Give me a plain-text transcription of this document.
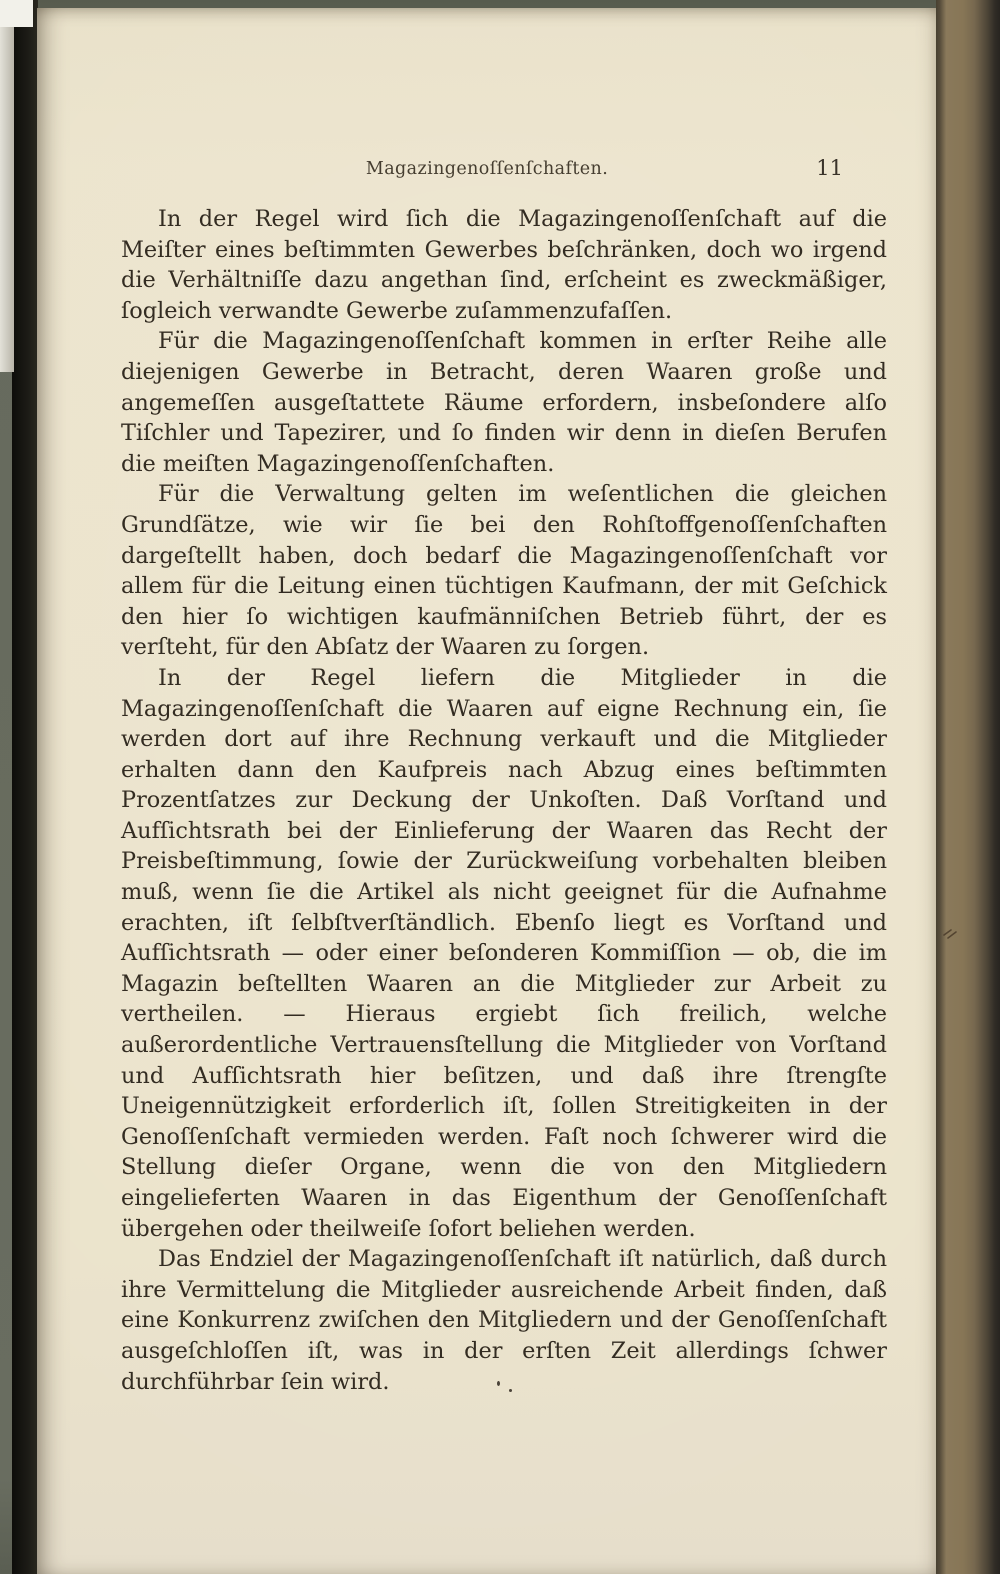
Magazingenoſſenſchaften.	11

In der Regel wird ſich die Magazingenoſſenſchaft auf die Meiſter eines beſtimmten Gewerbes beſchränken, doch wo irgend die Verhältniſſe dazu angethan ſind, erſcheint es zweckmäßiger, ſogleich verwandte Gewerbe zuſammenzufaſſen.

Für die Magazingenoſſenſchaft kommen in erſter Reihe alle diejenigen Gewerbe in Betracht, deren Waaren große und angemeſſen ausgeſtattete Räume erfordern, insbeſondere alſo Tiſchler und Tapezirer, und ſo finden wir denn in dieſen Berufen die meiſten Magazingenoſſenſchaften.

Für die Verwaltung gelten im weſentlichen die gleichen Grundſätze, wie wir ſie bei den Rohſtoffgenoſſenſchaften dargeſtellt haben, doch bedarf die Magazingenoſſenſchaft vor allem für die Leitung einen tüchtigen Kaufmann, der mit Geſchick den hier ſo wichtigen kaufmänniſchen Betrieb führt, der es verſteht, für den Abſatz der Waaren zu ſorgen.

In der Regel liefern die Mitglieder in die Magazingenoſſenſchaft die Waaren auf eigne Rechnung ein, ſie werden dort auf ihre Rechnung verkauft und die Mitglieder erhalten dann den Kaufpreis nach Abzug eines beſtimmten Prozentſatzes zur Deckung der Unkoſten. Daß Vorſtand und Aufſichtsrath bei der Einlieferung der Waaren das Recht der Preisbeſtimmung, ſowie der Zurückweiſung vorbehalten bleiben muß, wenn ſie die Artikel als nicht geeignet für die Aufnahme erachten, iſt ſelbſtverſtändlich. Ebenſo liegt es Vorſtand und Aufſichtsrath — oder einer beſonderen Kommiſſion — ob, die im Magazin beſtellten Waaren an die Mitglieder zur Arbeit zu vertheilen. — Hieraus ergiebt ſich freilich, welche außerordentliche Vertrauensſtellung die Mitglieder von Vorſtand und Aufſichtsrath hier beſitzen, und daß ihre ſtrengſte Uneigennützigkeit erforderlich iſt, ſollen Streitigkeiten in der Genoſſenſchaft vermieden werden. Faſt noch ſchwerer wird die Stellung dieſer Organe, wenn die von den Mitgliedern eingelieferten Waaren in das Eigenthum der Genoſſenſchaft übergehen oder theilweiſe ſofort beliehen werden.

Das Endziel der Magazingenoſſenſchaft iſt natürlich, daß durch ihre Vermittelung die Mitglieder ausreichende Arbeit finden, daß eine Konkurrenz zwiſchen den Mitgliedern und der Genoſſenſchaft ausgeſchloſſen iſt, was in der erſten Zeit allerdings ſchwer durchführbar ſein wird.
